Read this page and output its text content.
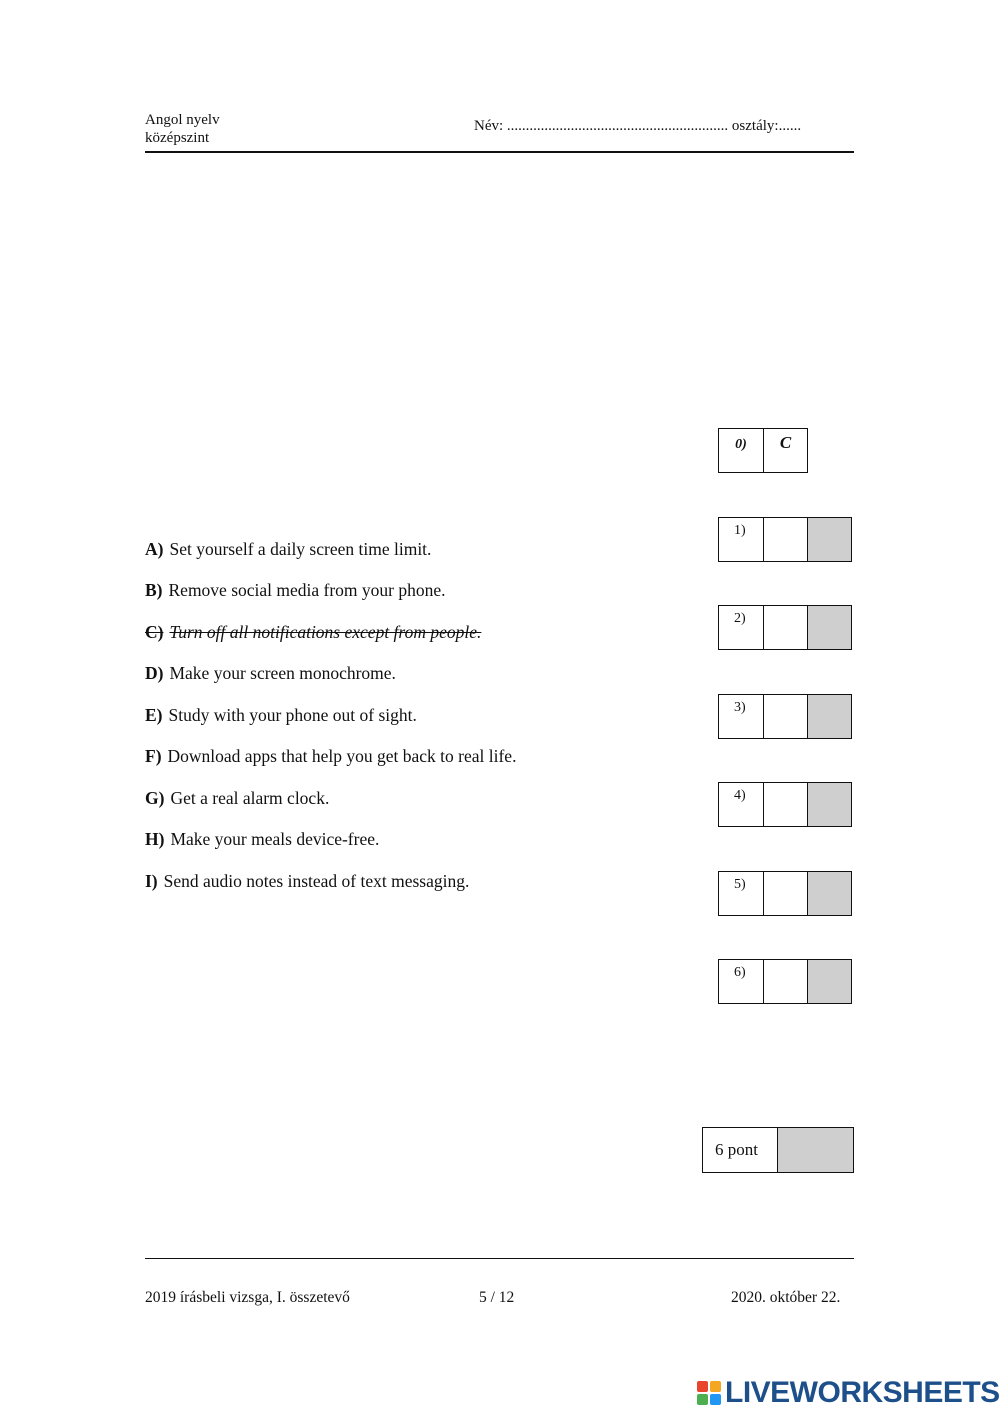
Angol nyelv
középszint
Név: ........................................................... osztály:......
0)	C
A) Set yourself a daily screen time limit.
B) Remove social media from your phone.
C) Turn off all notifications except from people.
D) Make your screen monochrome.
E) Study with your phone out of sight.
F) Download apps that help you get back to real life.
G) Get a real alarm clock.
H) Make your meals device-free.
I) Send audio notes instead of text messaging.
1)
2)
3)
4)
5)
6)
6 pont
2019 írásbeli vizsga, I. összetevő	5 / 12	2020. október 22.
LIVEWORKSHEETS
